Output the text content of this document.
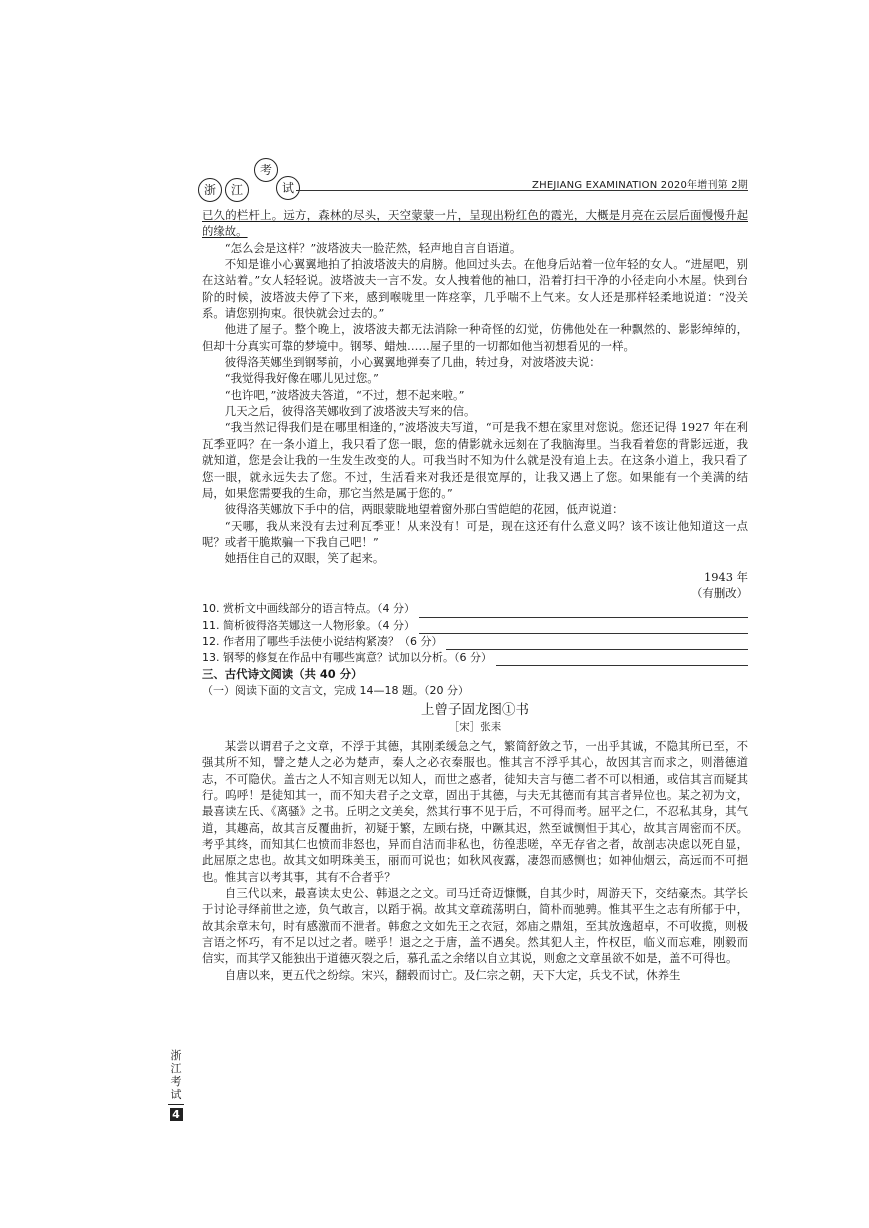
浙	江
考
试	ZHEJIANG EXAMINATION 2020年增刊第 2期

已久的栏杆上。远方，森林的尽头，天空蒙蒙一片，呈现出粉红色的霞光，大概是月亮在云层后面慢慢升起的缘故。

“怎么会是这样？”波塔波夫一脸茫然，轻声地自言自语道。

不知是谁小心翼翼地拍了拍波塔波夫的肩膀。他回过头去。在他身后站着一位年轻的女人。“进屋吧，别在这站着。”女人轻轻说。波塔波夫一言不发。女人拽着他的袖口，沿着打扫干净的小径走向小木屋。快到台阶的时候，波塔波夫停了下来，感到喉咙里一阵痉挛，几乎喘不上气来。女人还是那样轻柔地说道：“没关系。请您别拘束。很快就会过去的。”

他进了屋子。整个晚上，波塔波夫都无法消除一种奇怪的幻觉，仿佛他处在一种飘然的、影影绰绰的，但却十分真实可靠的梦境中。钢琴、蜡烛……屋子里的一切都如他当初想看见的一样。

彼得洛芙娜坐到钢琴前，小心翼翼地弹奏了几曲，转过身，对波塔波夫说：

“我觉得我好像在哪儿见过您。”

“也许吧，”波塔波夫答道，“不过，想不起来啦。”

几天之后，彼得洛芙娜收到了波塔波夫写来的信。

“我当然记得我们是在哪里相逢的，”波塔波夫写道，“可是我不想在家里对您说。您还记得 1927 年在利瓦季亚吗？在一条小道上，我只看了您一眼，您的倩影就永远刻在了我脑海里。当我看着您的背影远逝，我就知道，您是会让我的一生发生改变的人。可我当时不知为什么就是没有追上去。在这条小道上，我只看了您一眼，就永远失去了您。不过，生活看来对我还是很宽厚的，让我又遇上了您。如果能有一个美满的结局，如果您需要我的生命，那它当然是属于您的。”

彼得洛芙娜放下手中的信，两眼蒙眬地望着窗外那白雪皑皑的花园，低声说道：

“天哪，我从来没有去过利瓦季亚！从来没有！可是，现在这还有什么意义吗？该不该让他知道这一点呢？或者干脆欺骗一下我自己吧！”

她捂住自己的双眼，笑了起来。

1943 年

（有删改）

10. 赏析文中画线部分的语言特点。（4 分）

11. 简析彼得洛芙娜这一人物形象。（4 分）

12. 作者用了哪些手法使小说结构紧凑？（6 分）

13. 钢琴的修复在作品中有哪些寓意？试加以分析。（6 分）

三、古代诗文阅读（共 40 分）

（一）阅读下面的文言文，完成 14—18 题。（20 分）

上曾子固龙图①书

［宋］张耒

某尝以谓君子之文章，不浮于其德，其刚柔缓急之气，繁简舒敛之节，一出乎其诚，不隐其所已至，不强其所不知，譬之楚人之必为楚声，秦人之必衣秦服也。惟其言不浮乎其心，故因其言而求之，则潜德道志，不可隐伏。盖古之人不知言则无以知人，而世之惑者，徒知夫言与德二者不可以相通，或信其言而疑其行。呜呼！是徒知其一，而不知夫君子之文章，固出于其德，与夫无其德而有其言者异位也。某之初为文，最喜读左氏、《离骚》之书。丘明之文美矣，然其行事不见于后，不可得而考。屈平之仁，不忍私其身，其气道，其趣高，故其言反覆曲折，初疑于繁，左顾右挠，中蹶其迟，然至诚恻怛于其心，故其言周密而不厌。考乎其终，而知其仁也愤而非怒也，异而自洁而非私也，彷徨悲嗟，卒无存省之者，故剖志决虑以死自显，此屈原之忠也。故其文如明珠美玉，丽而可说也；如秋风夜露，凄怨而感恻也；如神仙烟云，高远而不可挹也。惟其言以考其事，其有不合者乎？

自三代以来，最喜读太史公、韩退之之文。司马迁奇迈慷慨，自其少时，周游天下，交结豪杰。其学长于讨论寻绎前世之迹，负气敢言，以蹈于祸。故其文章疏荡明白，简朴而驰骋。惟其平生之志有所郁于中，故其余章末句，时有感激而不泄者。韩愈之文如先王之衣冠，郊庙之鼎俎，至其放逸超卓，不可收揽，则极言语之怀巧，有不足以过之者。嗟乎！退之之于唐，盖不遇矣。然其犯人主，忤权臣，临义而忘难，刚毅而信实，而其学又能独出于道德灭裂之后，慕孔孟之余绪以自立其说，则愈之文章虽欲不如是，盖不可得也。

自唐以来，更五代之纷综。宋兴，翻毂而讨亡。及仁宗之朝，天下大定，兵戈不试，休养生

浙
江
考
试
4
